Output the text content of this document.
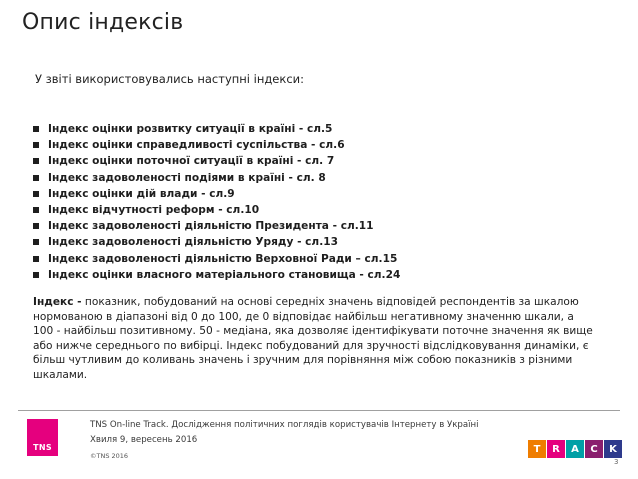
Опис індексів
У звіті використовувались наступні індекси:
Індекс оцінки розвитку ситуації в країні - сл.5
Індекс оцінки справедливості суспільства - сл.6
Індекс оцінки поточної ситуації в країні - сл. 7
Індекс задоволеності подіями в країні - сл. 8
Індекс оцінки дій влади - сл.9
Індекс відчутності реформ - сл.10
Індекс задоволеності діяльністю Президента - сл.11
Індекс задоволеності діяльністю Уряду - сл.13
Індекс задоволеності діяльністю Верховної Ради – сл.15
Індекс оцінки власного матеріального становища - сл.24
Індекс - показник, побудований на основі середніх значень відповідей респондентів за шкалою нормованою в діапазоні від 0 до 100, де 0 відповідає найбільш негативному значенню шкали, а 100 - найбільш позитивному. 50 - медіана, яка дозволяє ідентифікувати поточне значення як вище або нижче середнього по вибірці. Індекс побудований для зручності відслідковування динаміки, є більш чутливим до коливань значень і зручним для порівняння між собою показників з різними шкалами.
TNS
TNS On-line Track. Дослідження політичних поглядів користувачів Інтернету в Україні
Хвиля 9, вересень 2016
©TNS 2016
T	R	A	C	K
3
